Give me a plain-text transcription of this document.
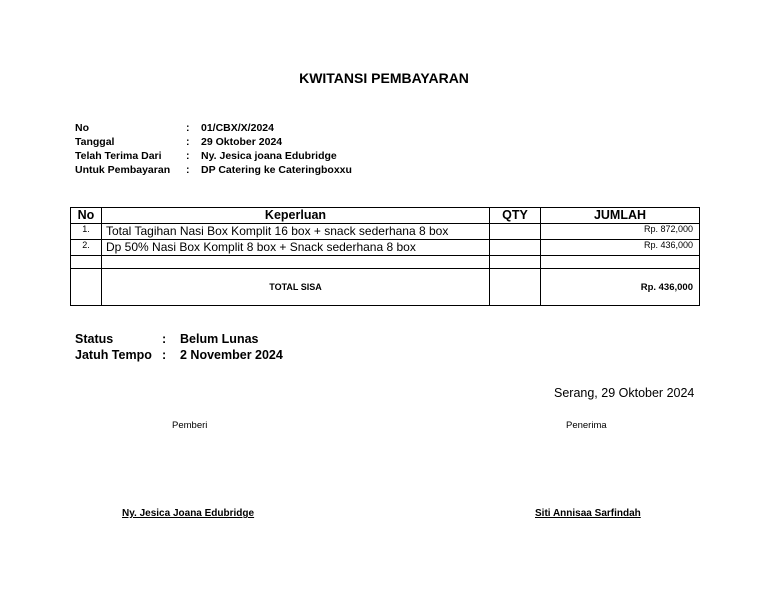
KWITANSI PEMBAYARAN
No	: 01/CBX/X/2024
Tanggal	: 29 Oktober 2024
Telah Terima Dari : Ny. Jesica joana Edubridge
Untuk Pembayaran : DP Catering ke Cateringboxxu
No	Keperluan	QTY	JUMLAH
1.	Total Tagihan Nasi Box Komplit 16 box + snack sederhana 8 box		Rp. 872,000
2.	Dp 50% Nasi Box Komplit 8 box + Snack sederhana 8 box		Rp. 436,000

	TOTAL SISA		Rp. 436,000
Status	: Belum Lunas
Jatuh Tempo : 2 November 2024
Serang, 29 Oktober 2024
Pemberi	Penerima
Ny. Jesica Joana Edubridge	Siti Annisaa Sarfindah
